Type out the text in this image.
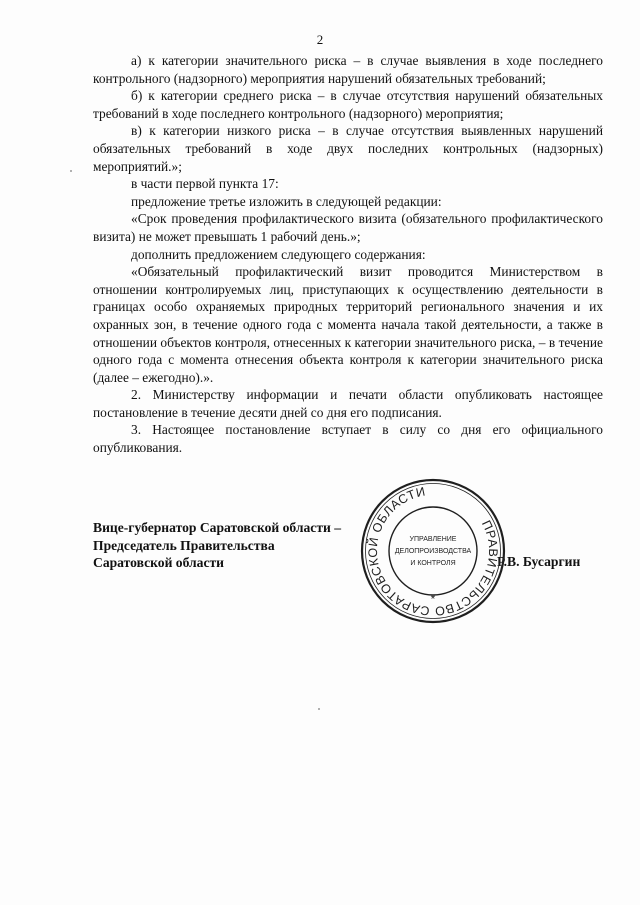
2

а) к категории значительного риска – в случае выявления в ходе последнего контрольного (надзорного) мероприятия нарушений обязательных требований;

б) к категории среднего риска – в случае отсутствия нарушений обязательных требований в ходе последнего контрольного (надзорного) мероприятия;

в) к категории низкого риска – в случае отсутствия выявленных нарушений обязательных требований в ходе двух последних контрольных (надзорных) мероприятий.»;

в части первой пункта 17:

предложение третье изложить в следующей редакции:

«Срок проведения профилактического визита (обязательного профилактического визита) не может превышать 1 рабочий день.»;

дополнить предложением следующего содержания:

«Обязательный профилактический визит проводится Министерством в отношении контролируемых лиц, приступающих к осуществлению деятельности в границах особо охраняемых природных территорий регионального значения и их охранных зон, в течение одного года с момента начала такой деятельности, а также в отношении объектов контроля, отнесенных к категории значительного риска, – в течение одного года с момента отнесения объекта контроля к категории значительного риска (далее – ежегодно).».

2. Министерству информации и печати области опубликовать настоящее постановление в течение десяти дней со дня его подписания.

3. Настоящее постановление вступает в силу со дня его официального опубликования.

Вице-губернатор Саратовской области –
Председатель Правительства
Саратовской области	Р.В. Бусаргин
ПРАВИТЕЛЬСТВО САРАТОВСКОЙ ОБЛАСТИ
*
УПРАВЛЕНИЕ
ДЕЛОПРОИЗВОДСТВА
И КОНТРОЛЯ
